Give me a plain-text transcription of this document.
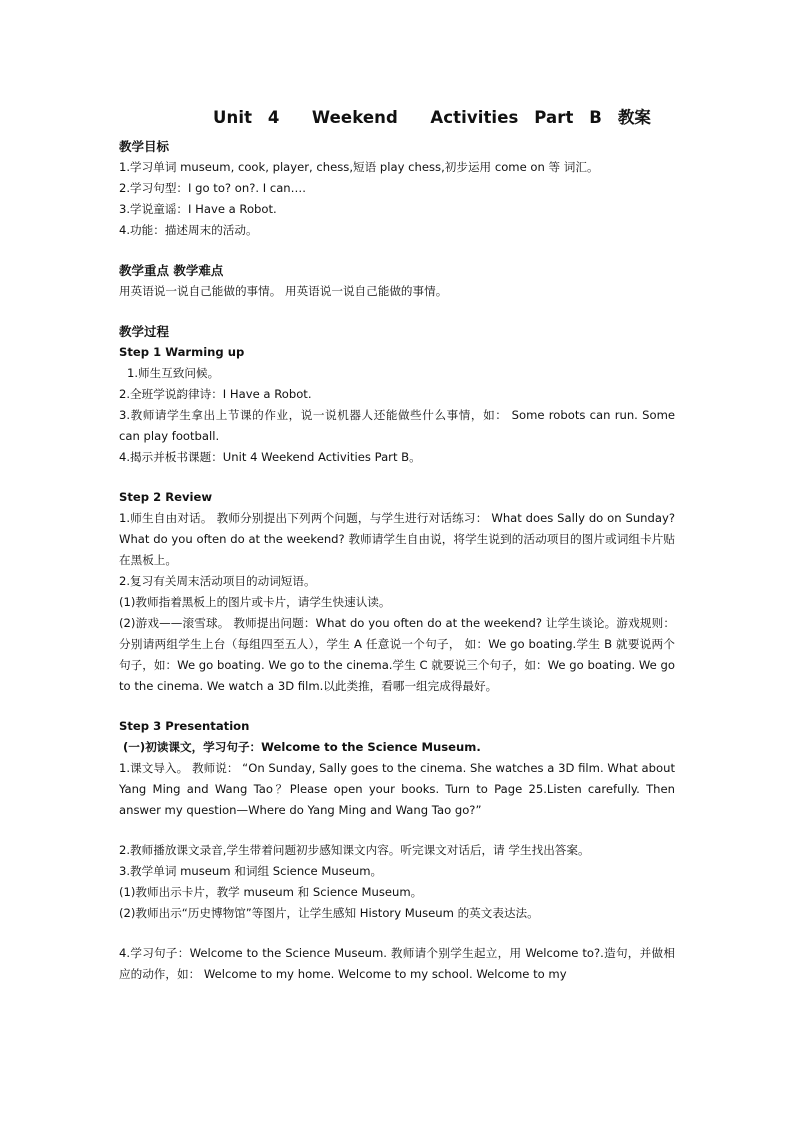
Unit 4 　Weekend 　Activities Part B 教案
教学目标

1.学习单词 museum, cook, player, chess,短语 play chess,初步运用 come on 等 词汇。

2.学习句型：I go to? on?. I can….

3.学说童谣：I Have a Robot.

4.功能：描述周末的活动。

教学重点 教学难点

用英语说一说自己能做的事情。 用英语说一说自己能做的事情。

教学过程
Step 1 Warming up

1.师生互致问候。

2.全班学说韵律诗：I Have a Robot.

3.教师请学生拿出上节课的作业，说一说机器人还能做些什么事情，如： Some robots can run. Some can play football.

4.揭示并板书课题：Unit 4 Weekend Activities Part B。

Step 2 Review

1.师生自由对话。 教师分别提出下列两个问题，与学生进行对话练习： What does Sally do on Sunday? What do you often do at the weekend? 教师请学生自由说，将学生说到的活动项目的图片或词组卡片贴在黑板上。

2.复习有关周末活动项目的动词短语。

(1)教师指着黑板上的图片或卡片，请学生快速认读。

(2)游戏——滚雪球。 教师提出问题：What do you often do at the weekend? 让学生谈论。游戏规则：分别请两组学生上台（每组四至五人），学生 A 任意说一个句子， 如：We go boating.学生 B 就要说两个句子，如：We go boating. We go to the cinema.学生 C 就要说三个句子，如：We go boating. We go to the cinema. We watch a 3D film.以此类推，看哪一组完成得最好。

Step 3 Presentation
(一)初读课文，学习句子：Welcome to the Science Museum.

1.课文导入。 教师说： “On Sunday, Sally goes to the cinema. She watches a 3D film. What about Yang Ming and Wang Tao？Please open your books. Turn to Page 25.Listen carefully. Then answer my question—Where do Yang Ming and Wang Tao go?”

2.教师播放课文录音,学生带着问题初步感知课文内容。听完课文对话后，请 学生找出答案。

3.教学单词 museum 和词组 Science Museum。

(1)教师出示卡片，教学 museum 和 Science Museum。

(2)教师出示“历史博物馆”等图片，让学生感知 History Museum 的英文表达法。

4.学习句子：Welcome to the Science Museum. 教师请个别学生起立，用 Welcome to?.造句，并做相应的动作，如： Welcome to my home. Welcome to my school. Welcome to my
